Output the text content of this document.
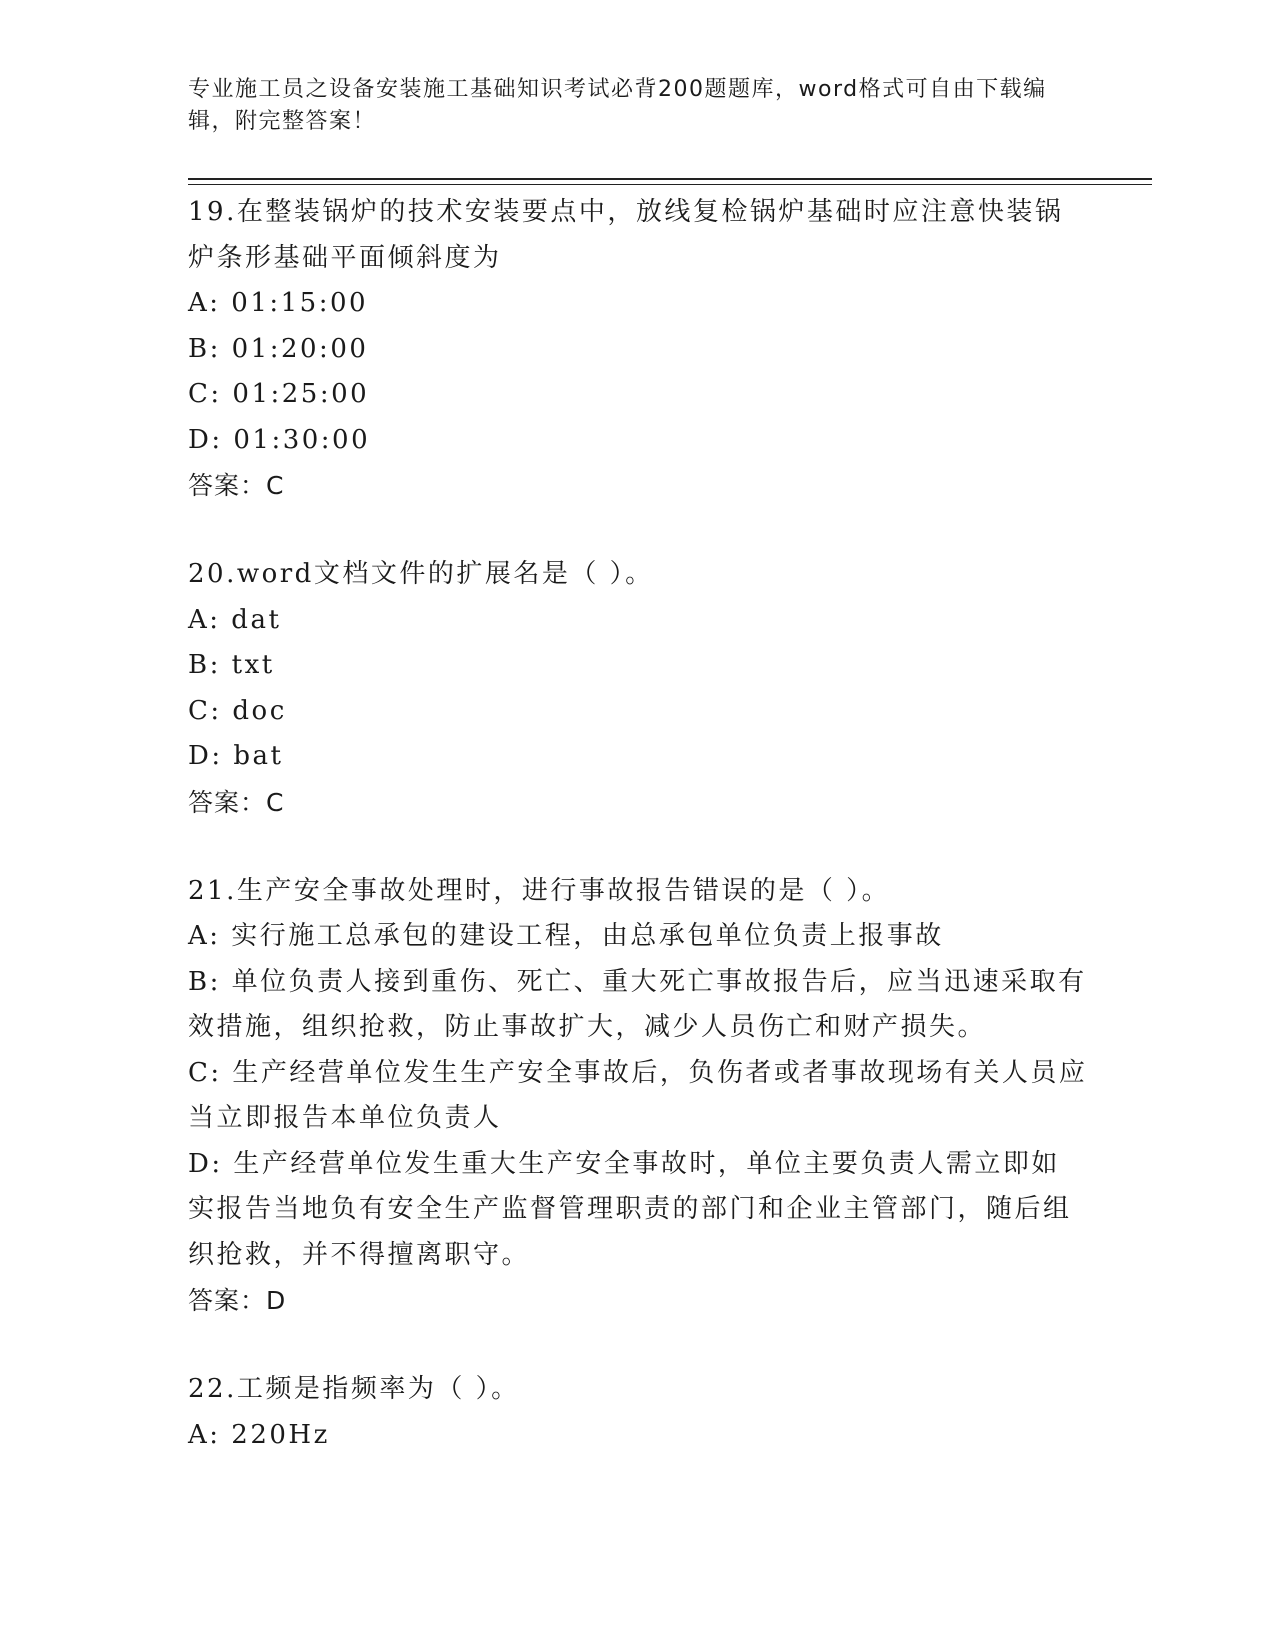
专业施工员之设备安装施工基础知识考试必背200题题库，word格式可自由下载编辑，附完整答案！
19.在整装锅炉的技术安装要点中，放线复检锅炉基础时应注意快装锅炉条形基础平面倾斜度为
A: 01:15:00
B: 01:20:00
C: 01:25:00
D: 01:30:00
答案：C
20.word文档文件的扩展名是（ ）。
A: dat
B: txt
C: doc
D: bat
答案：C
21.生产安全事故处理时，进行事故报告错误的是（ ）。
A: 实行施工总承包的建设工程，由总承包单位负责上报事故
B: 单位负责人接到重伤、死亡、重大死亡事故报告后，应当迅速采取有效措施，组织抢救，防止事故扩大，减少人员伤亡和财产损失。
C: 生产经营单位发生生产安全事故后，负伤者或者事故现场有关人员应当立即报告本单位负责人
D: 生产经营单位发生重大生产安全事故时，单位主要负责人需立即如实报告当地负有安全生产监督管理职责的部门和企业主管部门，随后组织抢救，并不得擅离职守。
答案：D
22.工频是指频率为（ ）。
A: 220Hz
